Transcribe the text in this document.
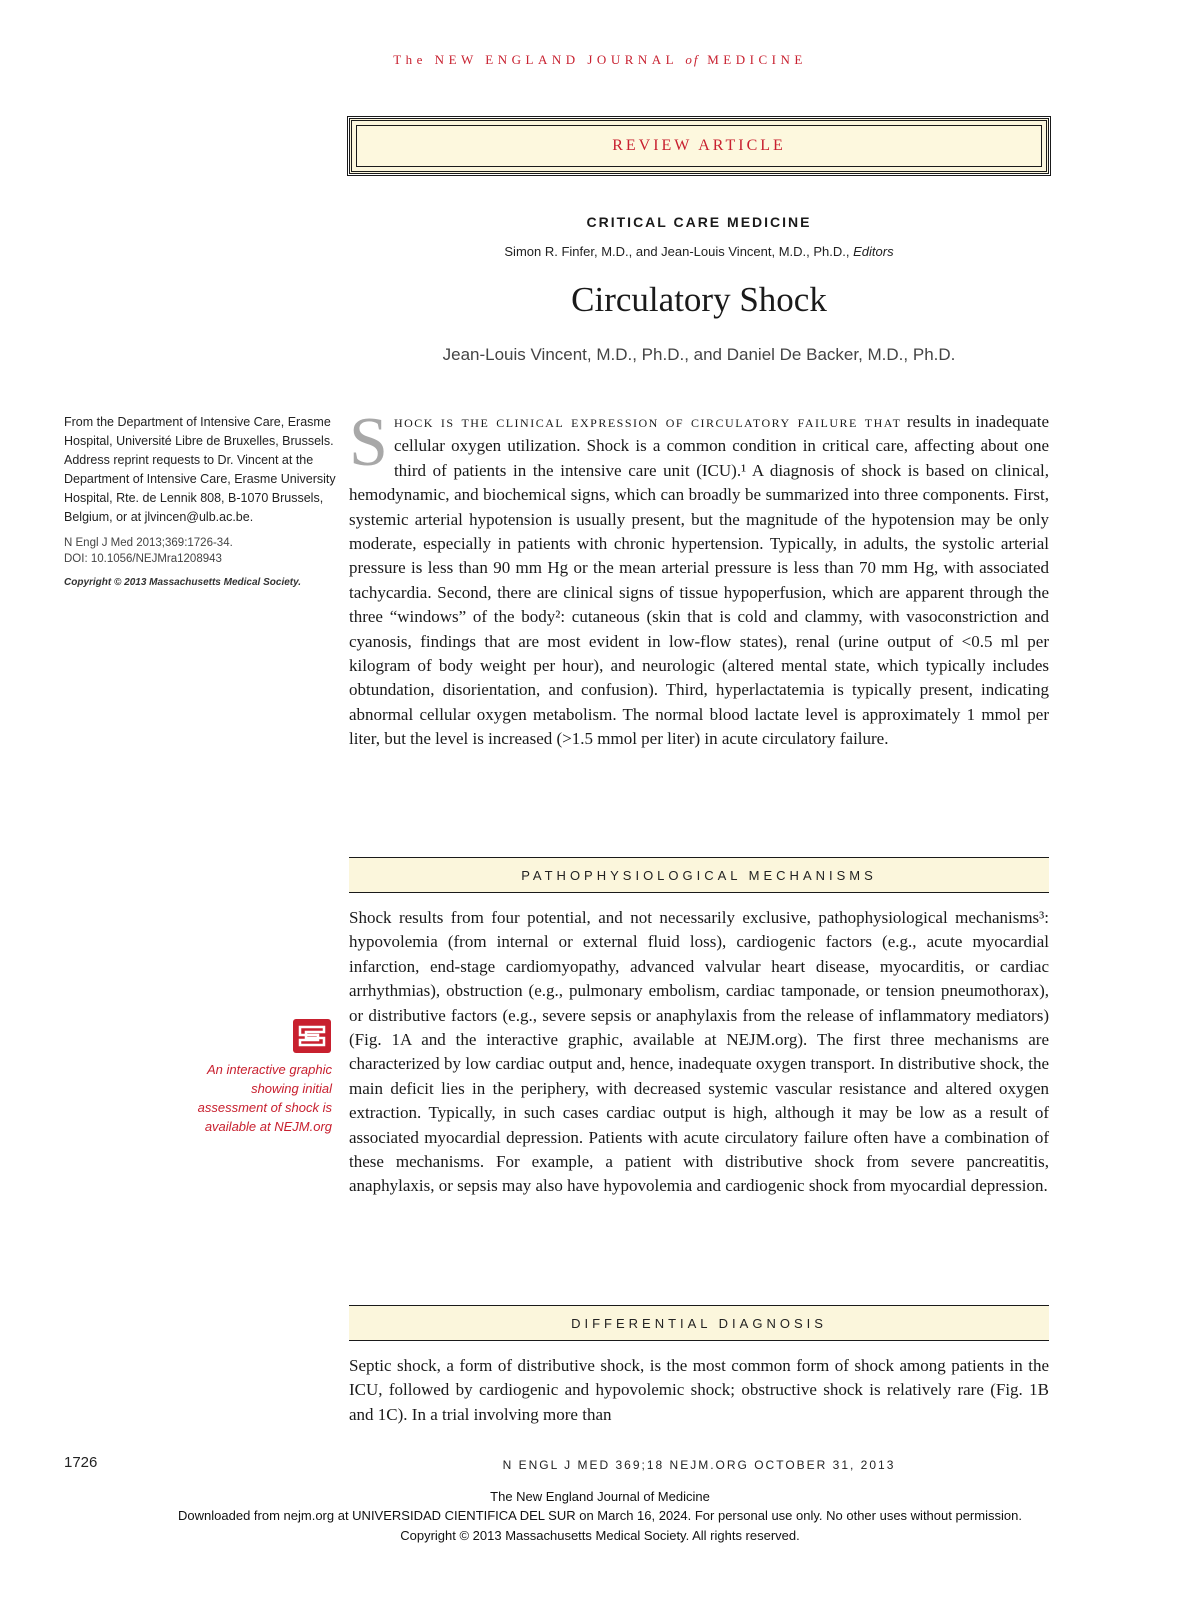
The NEW ENGLAND JOURNAL of MEDICINE
REVIEW ARTICLE
CRITICAL CARE MEDICINE
Simon R. Finfer, M.D., and Jean-Louis Vincent, M.D., Ph.D., Editors
Circulatory Shock
Jean-Louis Vincent, M.D., Ph.D., and Daniel De Backer, M.D., Ph.D.
From the Department of Intensive Care, Erasme Hospital, Université Libre de Bruxelles, Brussels. Address reprint requests to Dr. Vincent at the Department of Intensive Care, Erasme University Hospital, Rte. de Lennik 808, B-1070 Brussels, Belgium, or at jlvincen@ulb.ac.be.
N Engl J Med 2013;369:1726-34.
DOI: 10.1056/NEJMra1208943
Copyright © 2013 Massachusetts Medical Society.
Shock is the clinical expression of circulatory failure that results in inadequate cellular oxygen utilization. Shock is a common condition in critical care, affecting about one third of patients in the intensive care unit (ICU).¹ A diagnosis of shock is based on clinical, hemodynamic, and biochemical signs, which can broadly be summarized into three components. First, systemic arterial hypotension is usually present, but the magnitude of the hypotension may be only moderate, especially in patients with chronic hypertension. Typically, in adults, the systolic arterial pressure is less than 90 mm Hg or the mean arterial pressure is less than 70 mm Hg, with associated tachycardia. Second, there are clinical signs of tissue hypoperfusion, which are apparent through the three “windows” of the body²: cutaneous (skin that is cold and clammy, with vasoconstriction and cyanosis, findings that are most evident in low-flow states), renal (urine output of <0.5 ml per kilogram of body weight per hour), and neurologic (altered mental state, which typically includes obtundation, disorientation, and confusion). Third, hyperlactatemia is typically present, indicating abnormal cellular oxygen metabolism. The normal blood lactate level is approximately 1 mmol per liter, but the level is increased (>1.5 mmol per liter) in acute circulatory failure.
PATHOPHYSIOLOGICAL MECHANISMS
Shock results from four potential, and not necessarily exclusive, pathophysiological mechanisms³: hypovolemia (from internal or external fluid loss), cardiogenic factors (e.g., acute myocardial infarction, end-stage cardiomyopathy, advanced valvular heart disease, myocarditis, or cardiac arrhythmias), obstruction (e.g., pulmonary embolism, cardiac tamponade, or tension pneumothorax), or distributive factors (e.g., severe sepsis or anaphylaxis from the release of inflammatory mediators) (Fig. 1A and the interactive graphic, available at NEJM.org). The first three mechanisms are characterized by low cardiac output and, hence, inadequate oxygen transport. In distributive shock, the main deficit lies in the periphery, with decreased systemic vascular resistance and altered oxygen extraction. Typically, in such cases cardiac output is high, although it may be low as a result of associated myocardial depression. Patients with acute circulatory failure often have a combination of these mechanisms. For example, a patient with distributive shock from severe pancreatitis, anaphylaxis, or sepsis may also have hypovolemia and cardiogenic shock from myocardial depression.
An interactive graphic showing initial assessment of shock is available at NEJM.org
DIFFERENTIAL DIAGNOSIS
Septic shock, a form of distributive shock, is the most common form of shock among patients in the ICU, followed by cardiogenic and hypovolemic shock; obstructive shock is relatively rare (Fig. 1B and 1C). In a trial involving more than
1726	N ENGL J MED 369;18 NEJM.ORG OCTOBER 31, 2013
The New England Journal of Medicine
Downloaded from nejm.org at UNIVERSIDAD CIENTIFICA DEL SUR on March 16, 2024. For personal use only. No other uses without permission.
Copyright © 2013 Massachusetts Medical Society. All rights reserved.
